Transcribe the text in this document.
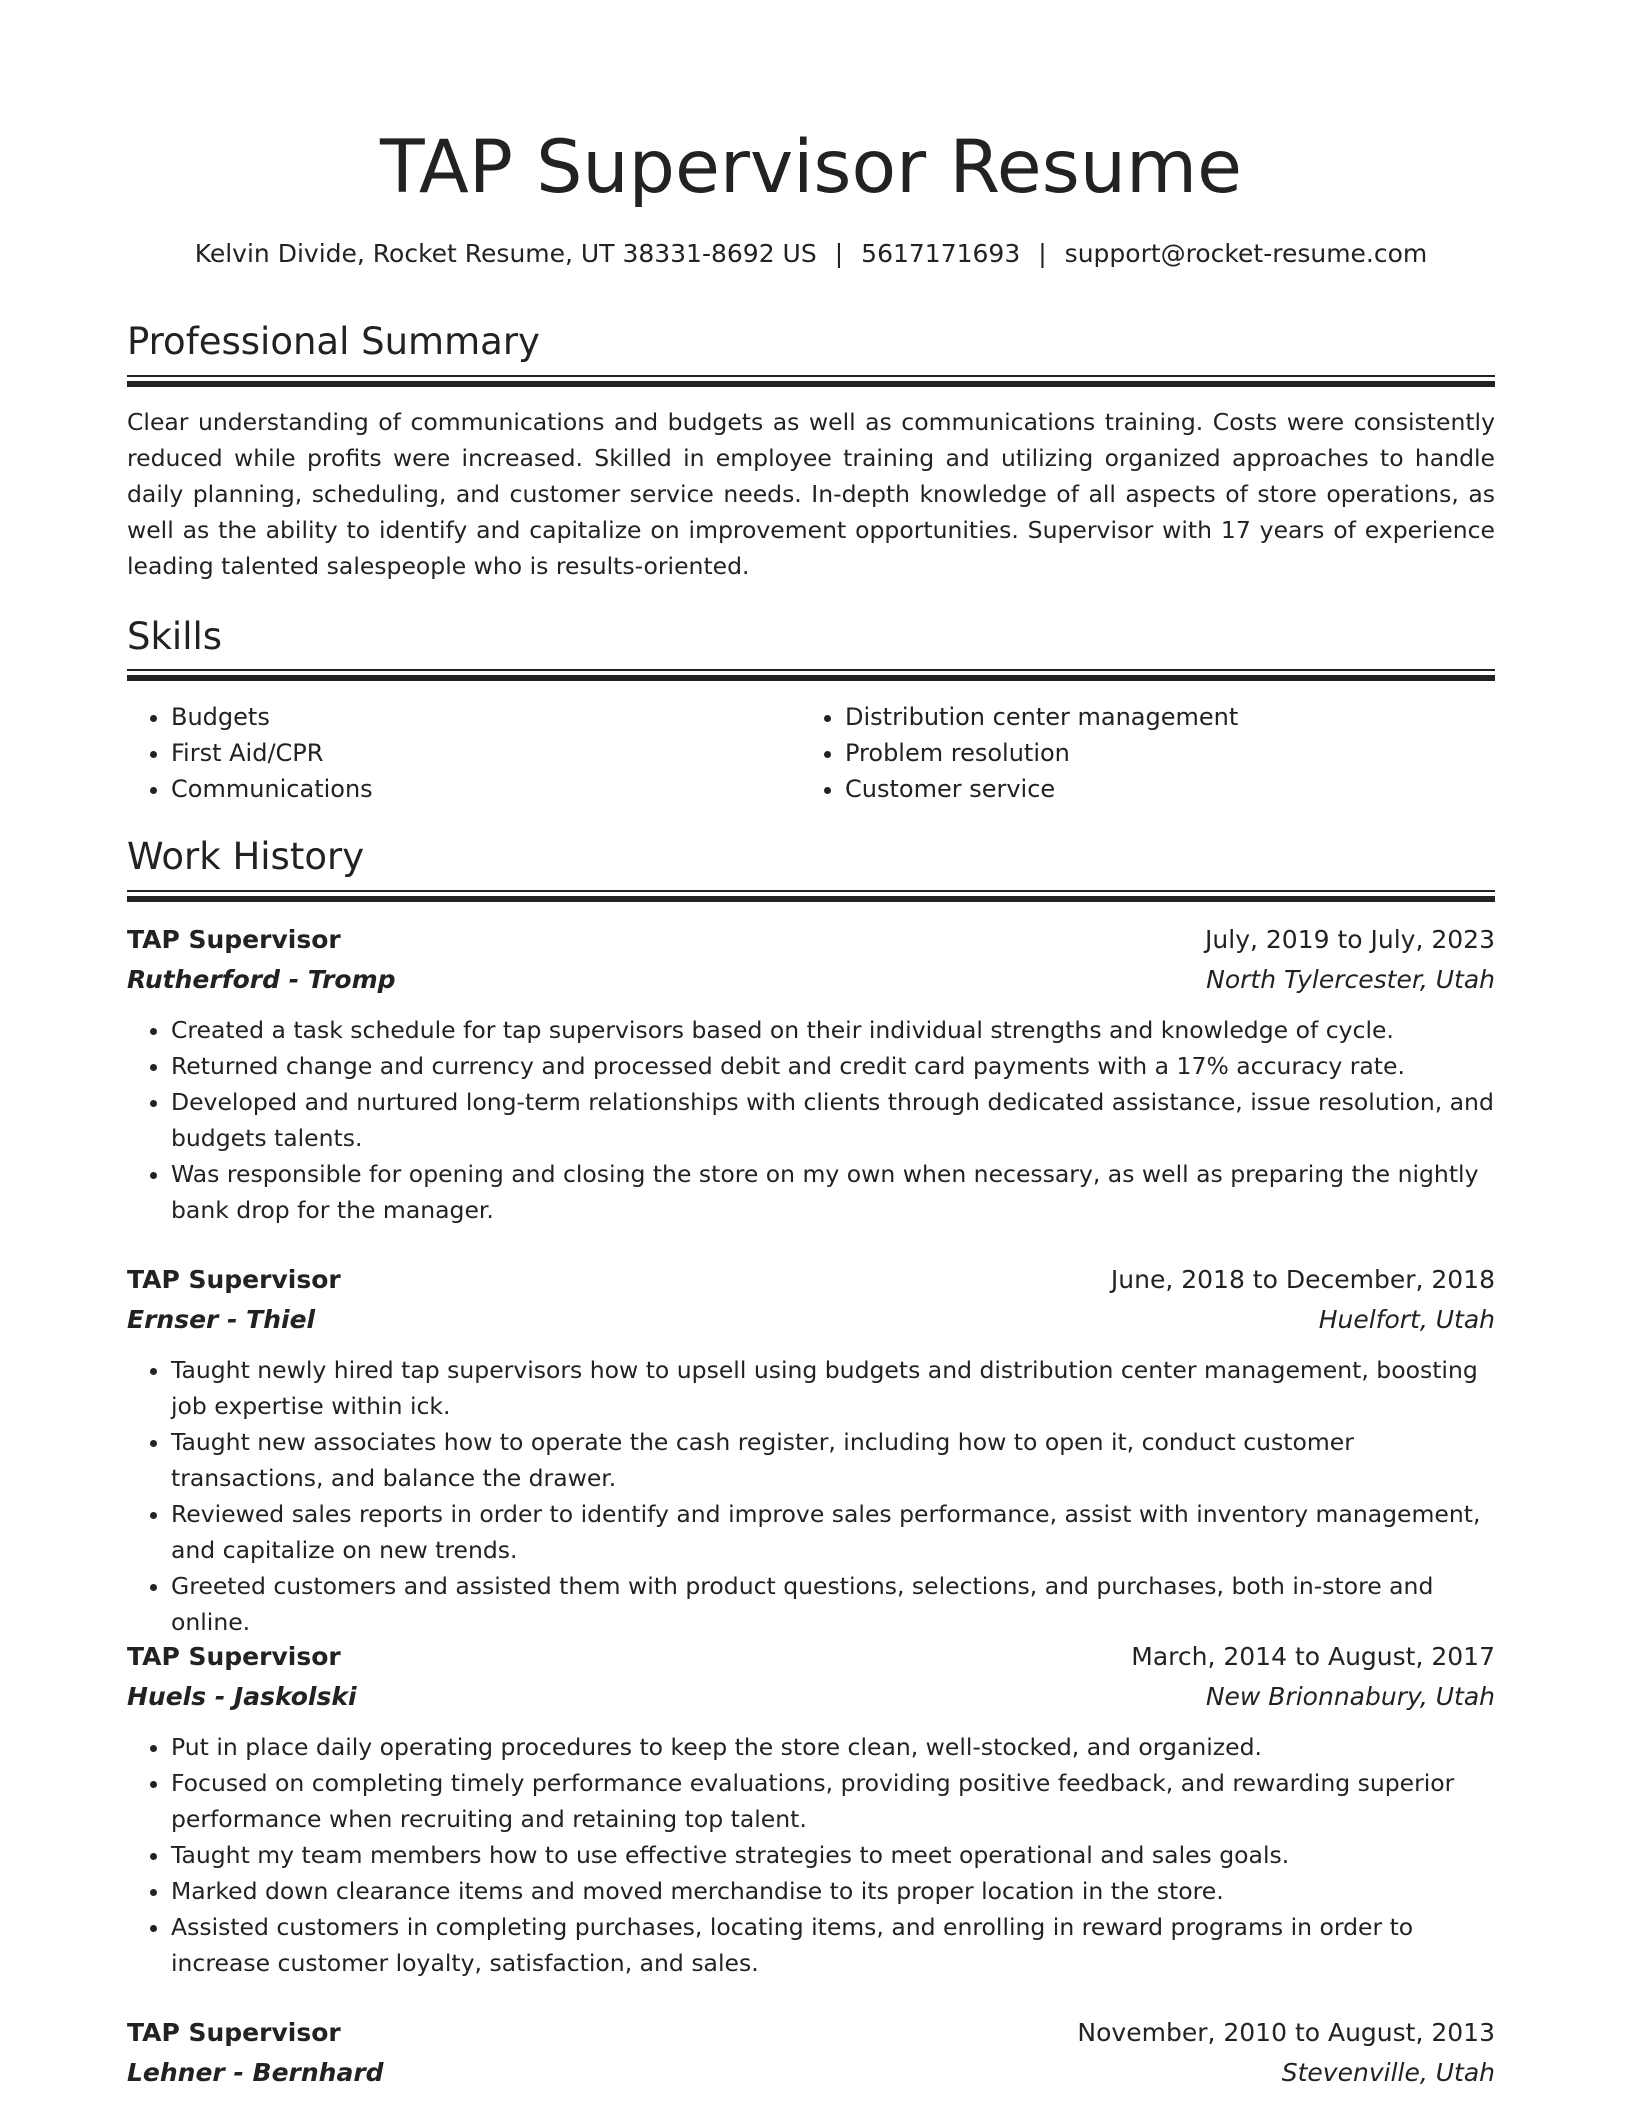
TAP Supervisor Resume
Kelvin Divide, Rocket Resume, UT 38331-8692 US | 5617171693 | support@rocket-resume.com
Professional Summary

Clear understanding of communications and budgets as well as communications training. Costs were consistently reduced while profits were increased. Skilled in employee training and utilizing organized approaches to handle daily planning, scheduling, and customer service needs. In-depth knowledge of all aspects of store operations, as well as the ability to identify and capitalize on improvement opportunities. Supervisor with 17 years of experience leading talented salespeople who is results-oriented.

Skills
• Budgets
• First Aid/CPR
• Communications
• Distribution center management
• Problem resolution
• Customer service
Work History
TAP Supervisor	July, 2019 to July, 2023
Rutherford - Tromp	North Tylercester, Utah
• Created a task schedule for tap supervisors based on their individual strengths and knowledge of cycle.
• Returned change and currency and processed debit and credit card payments with a 17% accuracy rate.
• Developed and nurtured long-term relationships with clients through dedicated assistance, issue resolution, and budgets talents.
• Was responsible for opening and closing the store on my own when necessary, as well as preparing the nightly bank drop for the manager.
TAP Supervisor	June, 2018 to December, 2018
Ernser - Thiel	Huelfort, Utah
• Taught newly hired tap supervisors how to upsell using budgets and distribution center management, boosting job expertise within ick.
• Taught new associates how to operate the cash register, including how to open it, conduct customer transactions, and balance the drawer.
• Reviewed sales reports in order to identify and improve sales performance, assist with inventory management, and capitalize on new trends.
• Greeted customers and assisted them with product questions, selections, and purchases, both in-store and online.
TAP Supervisor	March, 2014 to August, 2017
Huels - Jaskolski	New Brionnabury, Utah
• Put in place daily operating procedures to keep the store clean, well-stocked, and organized.
• Focused on completing timely performance evaluations, providing positive feedback, and rewarding superior performance when recruiting and retaining top talent.
• Taught my team members how to use effective strategies to meet operational and sales goals.
• Marked down clearance items and moved merchandise to its proper location in the store.
• Assisted customers in completing purchases, locating items, and enrolling in reward programs in order to increase customer loyalty, satisfaction, and sales.
TAP Supervisor	November, 2010 to August, 2013
Lehner - Bernhard	Stevenville, Utah
